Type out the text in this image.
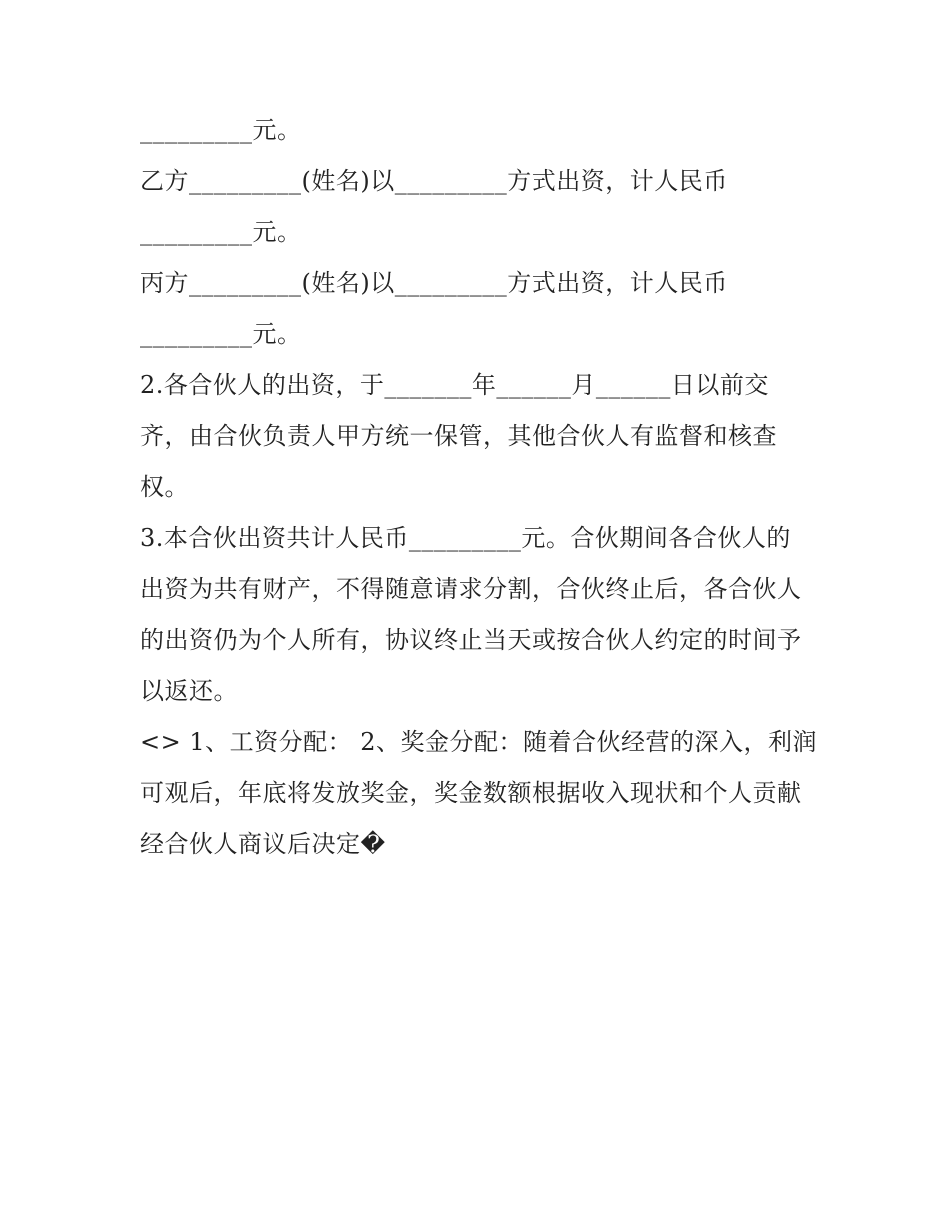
_________元。
乙方_________(姓名)以_________方式出资，计人民币
_________元。
丙方_________(姓名)以_________方式出资，计人民币
_________元。
2.各合伙人的出资，于_______年______月______日以前交
齐，由合伙负责人甲方统一保管，其他合伙人有监督和核查
权。
3.本合伙出资共计人民币_________元。合伙期间各合伙人的
出资为共有财产，不得随意请求分割，合伙终止后，各合伙人
的出资仍为个人所有，协议终止当天或按合伙人约定的时间予
以返还。
<> 1、工资分配： 2、奖金分配：随着合伙经营的深入，利润
可观后，年底将发放奖金，奖金数额根据收入现状和个人贡献
经合伙人商议后决定�
